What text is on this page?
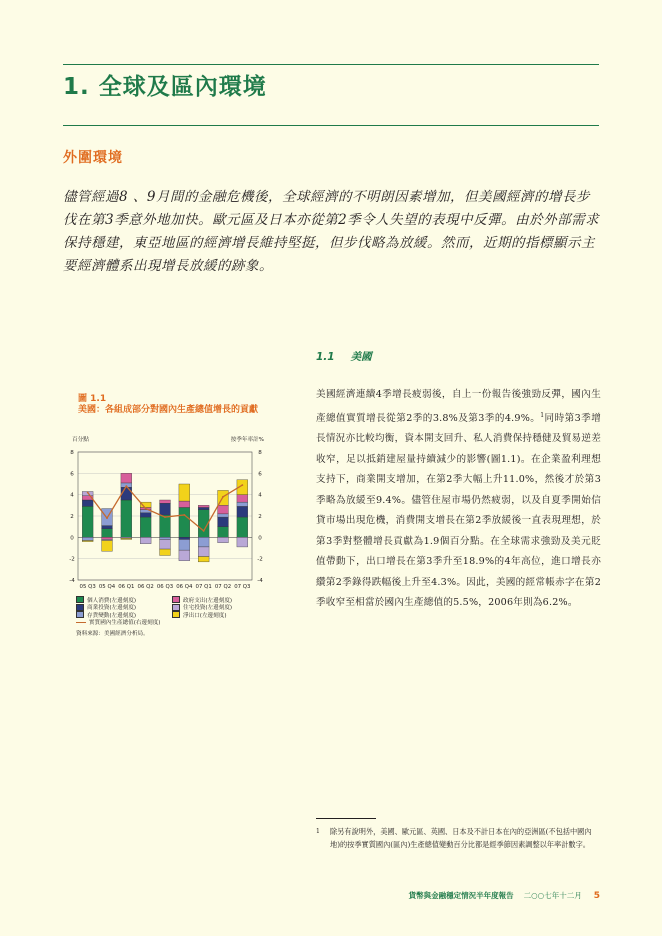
1. 全球及區內環境
外圍環境
儘管經過8 、9月間的金融危機後，全球經濟的不明朗因素增加，但美國經濟的增長步伐在第3季意外地加快。歐元區及日本亦從第2季令人失望的表現中反彈。由於外部需求保持穩建，東亞地區的經濟增長維持堅挺，但步伐略為放緩。然而，近期的指標顯示主要經濟體系出現增長放緩的跡象。
1.1 美國
美國經濟連續4季增長疲弱後，自上一份報告後強勁反彈，國內生產總值實質增長從第2季的3.8%及第3季的4.9%。$^1$同時第3季增長情況亦比較均衡，資本開支回升、私人消費保持穩健及貿易逆差收窄，足以抵銷建屋量持續減少的影響(圖1.1)。在企業盈利理想支持下，商業開支增加，在第2季大幅上升11.0%，然後才於第3季略為放緩至9.4%。儘管住屋市場仍然疲弱，以及自夏季開始信貸市場出現危機，消費開支增長在第2季放緩後一直表現理想，於第3季對整體增長貢獻為1.9個百分點。在全球需求強勁及美元貶值帶動下，出口增長在第3季升至18.9%的4年高位，進口增長亦纘第2季錄得跌幅後上升至4.3%。因此，美國的經常帳赤字在第2季收窄至相當於國內生產總值的5.5%，2006年則為6.2%。
圖 1.1
美國：各組成部分對國內生產總值增長的貢獻
百分點	按季年率計%
-4	-4
-2	-2
0	0
2	2
4	4
6	6
8	8
05 Q3 05 Q4 06 Q1 06 Q2 06 Q3 06 Q4 07 Q1 07 Q2 07 Q3
個人消費(左邊刻度)	政府支出(左邊刻度)
商業投資(左邊刻度)	住宅投資(左邊刻度)
存貨變動(左邊刻度)	淨出口(左邊刻度)
實質國內生產總值(右邊刻度)
資料來源：美國經濟分析局。
1	除另有說明外，美國、歐元區、英國、日本及不計日本在內的亞洲區(不包括中國內地)的按季實質國內(區內)生產總值變動百分比都是經季節因素調整以年率計數字。
貨幣與金融穩定情況半年度報告 二○○七年十二月 5
